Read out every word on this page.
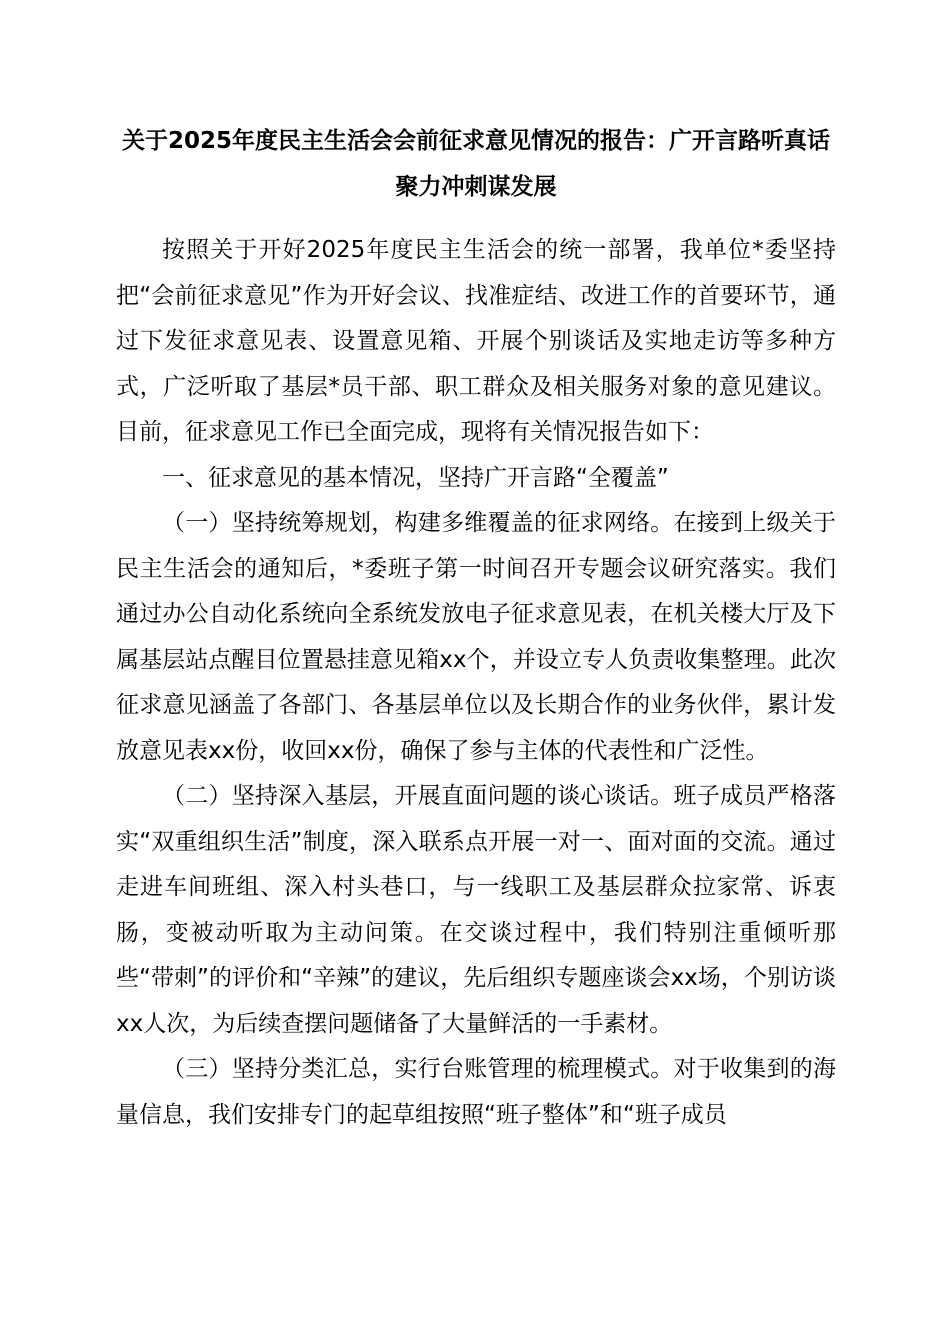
关于2025年度民主生活会会前征求意见情况的报告：广开言路听真话 聚力冲刺谋发展

按照关于开好2025年度民主生活会的统一部署，我单位*委坚持把“会前征求意见”作为开好会议、找准症结、改进工作的首要环节，通过下发征求意见表、设置意见箱、开展个别谈话及实地走访等多种方式，广泛听取了基层*员干部、职工群众及相关服务对象的意见建议。目前，征求意见工作已全面完成，现将有关情况报告如下：

一、征求意见的基本情况，坚持广开言路“全覆盖”

（一）坚持统筹规划，构建多维覆盖的征求网络。在接到上级关于民主生活会的通知后，*委班子第一时间召开专题会议研究落实。我们通过办公自动化系统向全系统发放电子征求意见表，在机关楼大厅及下属基层站点醒目位置悬挂意见箱xx个，并设立专人负责收集整理。此次征求意见涵盖了各部门、各基层单位以及长期合作的业务伙伴，累计发放意见表xx份，收回xx份，确保了参与主体的代表性和广泛性。

（二）坚持深入基层，开展直面问题的谈心谈话。班子成员严格落实“双重组织生活”制度，深入联系点开展一对一、面对面的交流。通过走进车间班组、深入村头巷口，与一线职工及基层群众拉家常、诉衷肠，变被动听取为主动问策。在交谈过程中，我们特别注重倾听那些“带刺”的评价和“辛辣”的建议，先后组织专题座谈会xx场，个别访谈xx人次，为后续查摆问题储备了大量鲜活的一手素材。

（三）坚持分类汇总，实行台账管理的梳理模式。对于收集到的海量信息，我们安排专门的起草组按照“班子整体”和“班子成员
